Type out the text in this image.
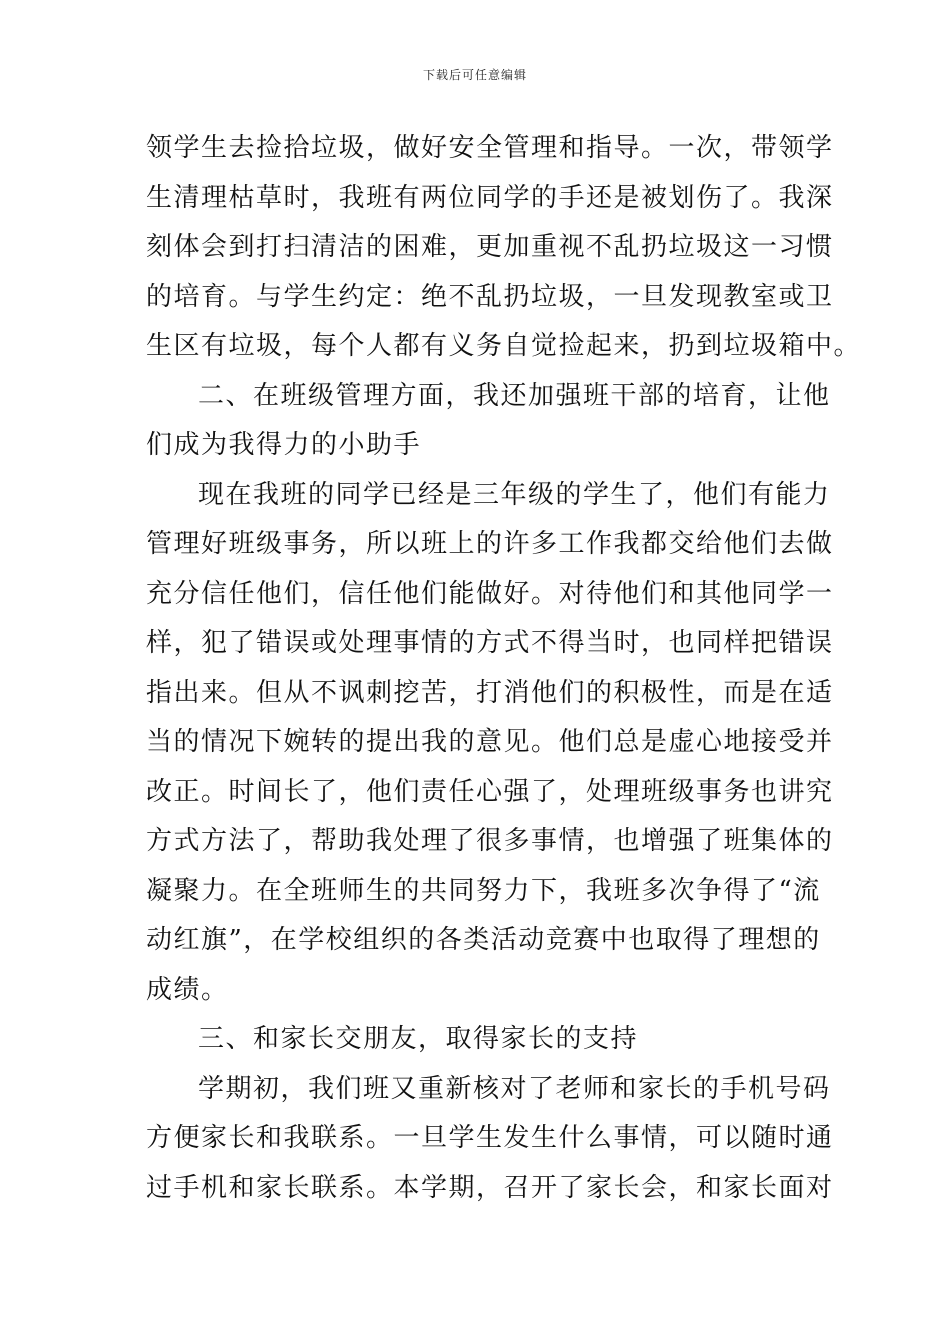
下载后可任意编辑
领学生去捡拾垃圾，做好安全管理和指导。一次，带领学
生清理枯草时，我班有两位同学的手还是被划伤了。我深
刻体会到打扫清洁的困难，更加重视不乱扔垃圾这一习惯
的培育。与学生约定：绝不乱扔垃圾，一旦发现教室或卫
生区有垃圾，每个人都有义务自觉捡起来，扔到垃圾箱中。
二、在班级管理方面，我还加强班干部的培育，让他
们成为我得力的小助手
现在我班的同学已经是三年级的学生了，他们有能力
管理好班级事务，所以班上的许多工作我都交给他们去做
充分信任他们，信任他们能做好。对待他们和其他同学一
样，犯了错误或处理事情的方式不得当时，也同样把错误
指出来。但从不讽刺挖苦，打消他们的积极性，而是在适
当的情况下婉转的提出我的意见。他们总是虚心地接受并
改正。时间长了，他们责任心强了，处理班级事务也讲究
方式方法了，帮助我处理了很多事情，也增强了班集体的
凝聚力。在全班师生的共同努力下，我班多次争得了“流
动红旗”，在学校组织的各类活动竞赛中也取得了理想的
成绩。
三、和家长交朋友，取得家长的支持
学期初，我们班又重新核对了老师和家长的手机号码
方便家长和我联系。一旦学生发生什么事情，可以随时通
过手机和家长联系。本学期，召开了家长会，和家长面对
